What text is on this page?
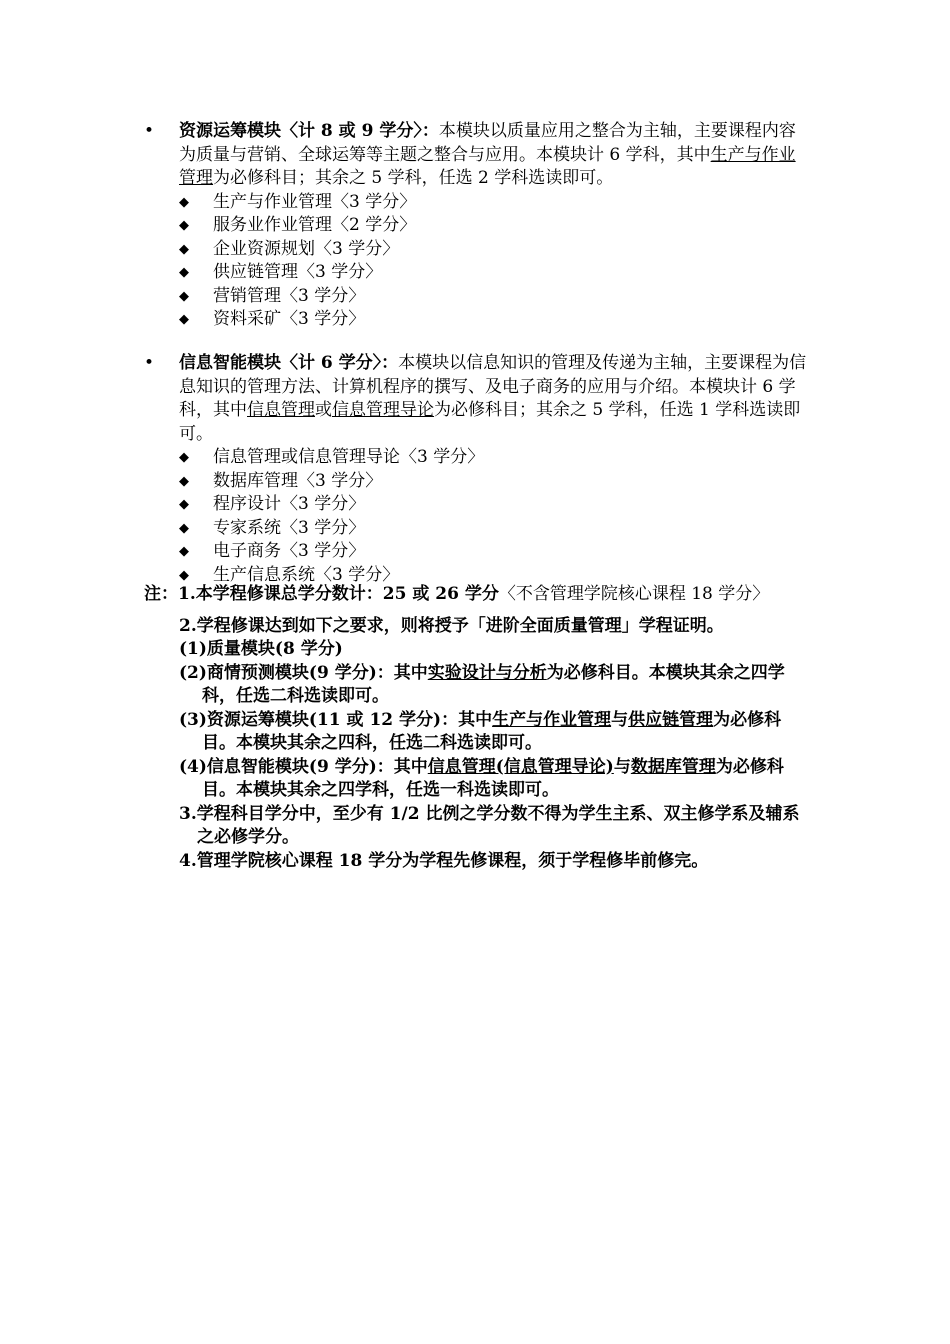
•	资源运筹模块〈计 8 或 9 学分〉：本模块以质量应用之整合为主轴，主要课程内容为质量与营销、全球运筹等主题之整合与应用。本模块计 6 学科，其中生产与作业管理为必修科目；其余之 5 学科，任选 2 学科选读即可。
◆ 生产与作业管理〈3 学分〉
◆ 服务业作业管理〈2 学分〉
◆ 企业资源规划〈3 学分〉
◆ 供应链管理〈3 学分〉
◆ 营销管理〈3 学分〉
◆ 资料采矿〈3 学分〉
•	信息智能模块〈计 6 学分〉：本模块以信息知识的管理及传递为主轴，主要课程为信息知识的管理方法、计算机程序的撰写、及电子商务的应用与介绍。本模块计 6 学科，其中信息管理或信息管理导论为必修科目；其余之 5 学科，任选 1 学科选读即可。
◆ 信息管理或信息管理导论〈3 学分〉
◆ 数据库管理〈3 学分〉
◆ 程序设计〈3 学分〉
◆ 专家系统〈3 学分〉
◆ 电子商务〈3 学分〉
◆ 生产信息系统〈3 学分〉
注：1.本学程修课总学分数计：25 或 26 学分〈不含管理学院核心课程 18 学分〉
2.学程修课达到如下之要求，则将授予「进阶全面质量管理」学程证明。
(1)质量模块(8 学分)
(2)商情预测模块(9 学分)：其中实验设计与分析为必修科目。本模块其余之四学科，任选二科选读即可。
(3)资源运筹模块(11 或 12 学分)：其中生产与作业管理与供应链管理为必修科目。本模块其余之四科，任选二科选读即可。
(4)信息智能模块(9 学分)：其中信息管理(信息管理导论)与数据库管理为必修科目。本模块其余之四学科，任选一科选读即可。
3.学程科目学分中，至少有 1/2 比例之学分数不得为学生主系、双主修学系及辅系之必修学分。
4.管理学院核心课程 18 学分为学程先修课程，须于学程修毕前修完。
